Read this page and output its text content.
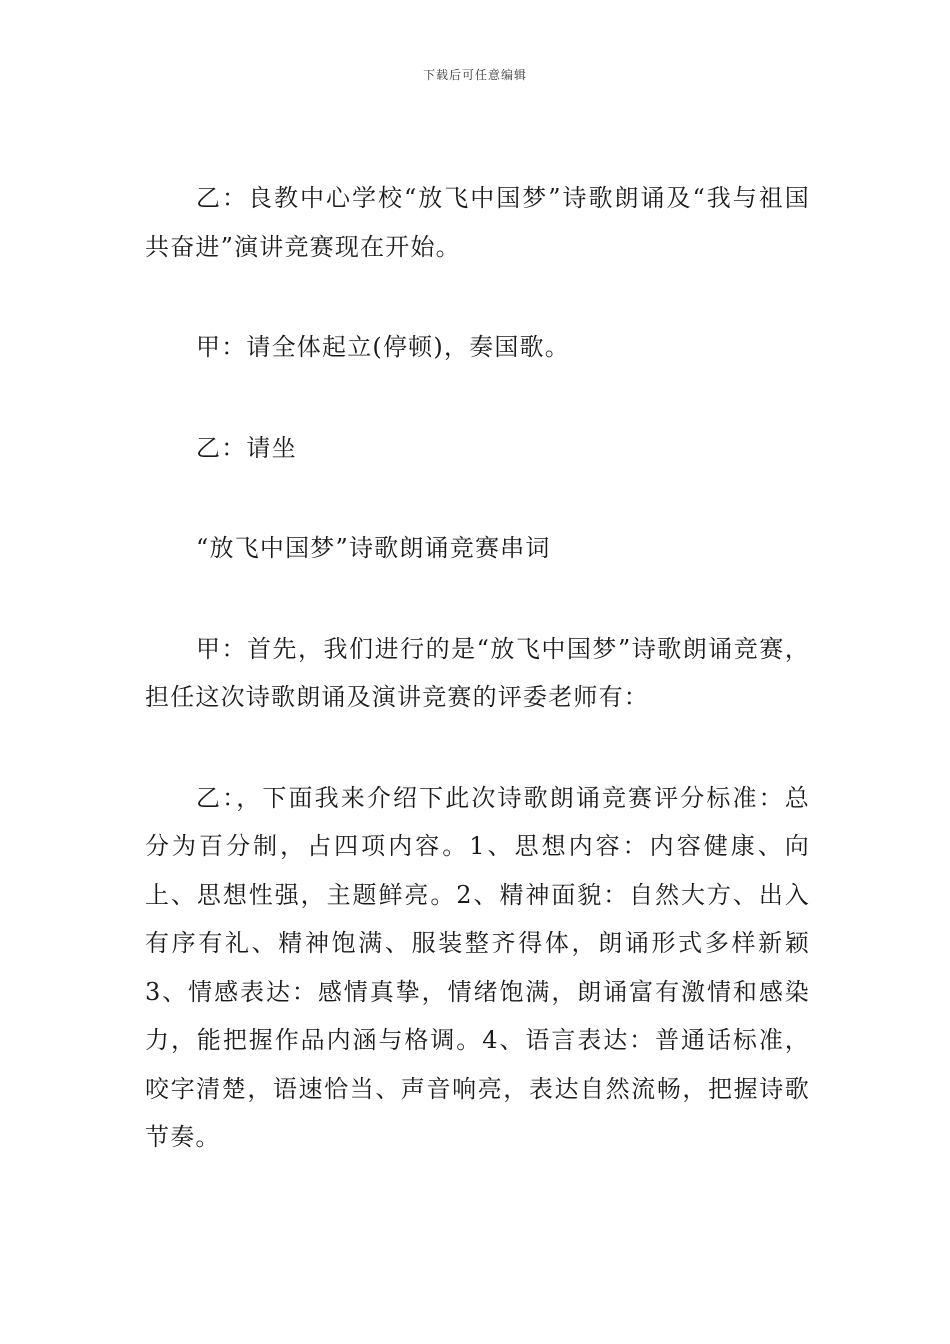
下载后可任意编辑

乙：良教中心学校“放飞中国梦”诗歌朗诵及“我与祖国共奋进”演讲竞赛现在开始。

甲：请全体起立(停顿)，奏国歌。

乙：请坐

“放飞中国梦”诗歌朗诵竞赛串词

甲：首先，我们进行的是“放飞中国梦”诗歌朗诵竞赛，担任这次诗歌朗诵及演讲竞赛的评委老师有：

乙：，下面我来介绍下此次诗歌朗诵竞赛评分标准：总分为百分制，占四项内容。1、思想内容：内容健康、向上、思想性强，主题鲜亮。2、精神面貌：自然大方、出入有序有礼、精神饱满、服装整齐得体，朗诵形式多样新颖3、情感表达：感情真挚，情绪饱满，朗诵富有激情和感染力，能把握作品内涵与格调。4、语言表达：普通话标准，咬字清楚，语速恰当、声音响亮，表达自然流畅，把握诗歌节奏。
